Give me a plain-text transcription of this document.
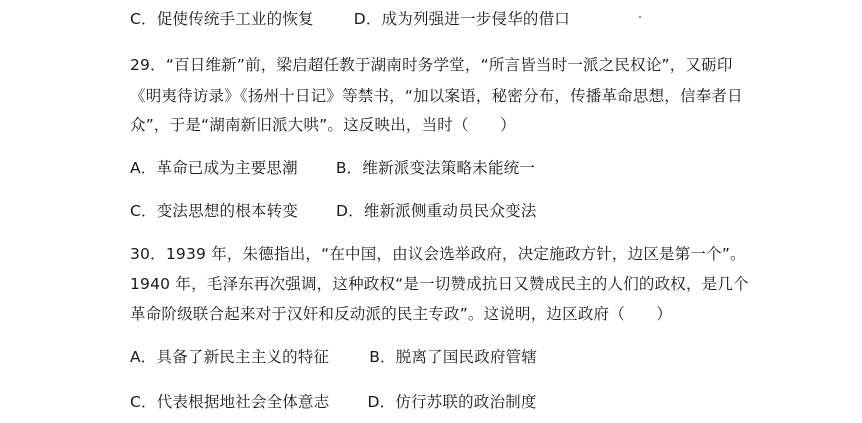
C．促使传统手工业的恢复	D．成为列强进一步侵华的借口
29．“百日维新”前，梁启超任教于湖南时务学堂，“所言皆当时一派之民权论”，又砺印
《明夷待访录》《扬州十日记》等禁书，“加以案语，秘密分布，传播革命思想，信奉者日
众”，于是“湖南新旧派大哄”。这反映出，当时（　　）
A．革命已成为主要思潮 B．维新派变法策略未能统一
C．变法思想的根本转变 D．维新派侧重动员民众变法
30．1939 年，朱德指出，“在中国，由议会选举政府，决定施政方针，边区是第一个”。
1940 年，毛泽东再次强调，这种政权“是一切赞成抗日又赞成民主的人们的政权，是几个
革命阶级联合起来对于汉奸和反动派的民主专政”。这说明，边区政府（　　）
A．具备了新民主主义的特征	B．脱离了国民政府管辖
C．代表根据地社会全体意志 D．仿行苏联的政治制度
